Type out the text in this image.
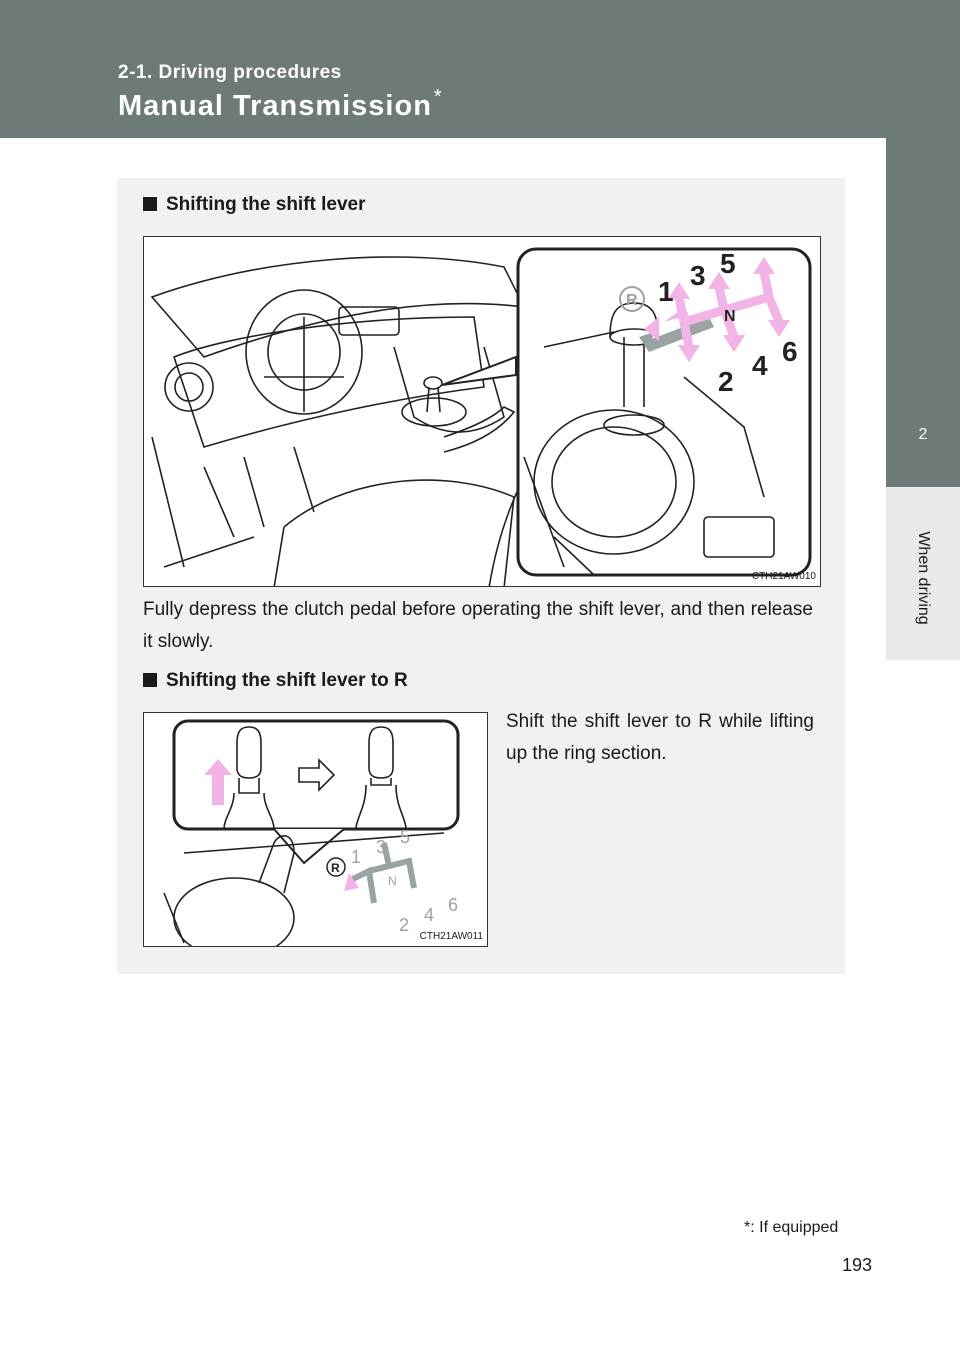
2-1. Driving procedures
Manual Transmission *
2
When driving
Shifting the shift lever
R
N
1
3 5
2
4 6
CTH21AW010
Fully depress the clutch pedal before operating the shift lever, and then release it slowly.
Shifting the shift lever to R
R
1 3 5
N
2 4 6
CTH21AW011
Shift the shift lever to R while lifting up the ring section.
*: If equipped
193
